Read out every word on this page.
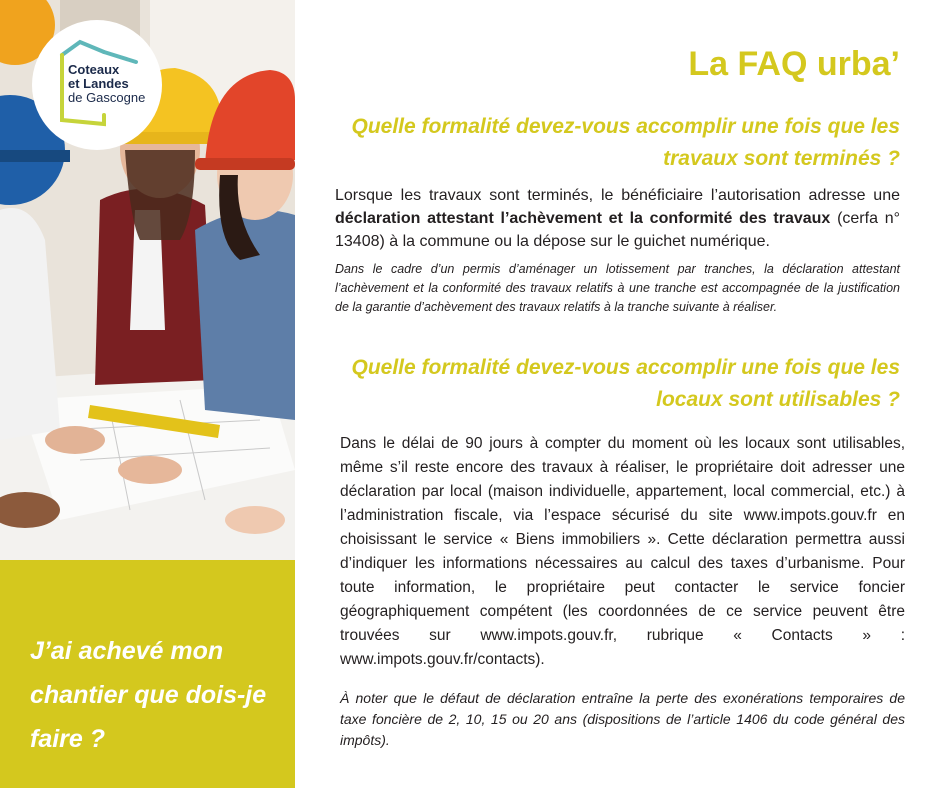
Coteaux
et Landes
de Gascogne

J’ai achevé mon chantier que dois-je faire ?

La FAQ urba’
Quelle formalité devez-vous accomplir une fois que les travaux sont terminés ?

Lorsque les travaux sont terminés, le bénéficiaire l’autorisation adresse une déclaration attestant l’achèvement et la conformité des travaux (cerfa n° 13408) à la commune ou la dépose sur le guichet numérique.

Dans le cadre d’un permis d’aménager un lotissement par tranches, la déclaration attestant l’achèvement et la conformité des travaux relatifs à une tranche est accompagnée de la justification de la garantie d’achèvement des travaux relatifs à la tranche suivante à réaliser.

Quelle formalité devez-vous accomplir une fois que les locaux sont utilisables ?

Dans le délai de 90 jours à compter du moment où les locaux sont utilisables, même s’il reste encore des travaux à réaliser, le propriétaire doit adresser une déclaration par local (maison individuelle, appartement, local commercial, etc.) à l’administration fiscale, via l’espace sécurisé du site www.impots.gouv.fr en choisissant le service « Biens immobiliers ». Cette déclaration permettra aussi d’indiquer les informations nécessaires au calcul des taxes d’urbanisme. Pour toute information, le propriétaire peut contacter le service foncier géographiquement compétent (les coordonnées de ce service peuvent être trouvées sur www.impots.gouv.fr, rubrique « Contacts » : www.impots.gouv.fr/contacts).

À noter que le défaut de déclaration entraîne la perte des exonérations temporaires de taxe foncière de 2, 10, 15 ou 20 ans (dispositions de l’article 1406 du code général des impôts).
